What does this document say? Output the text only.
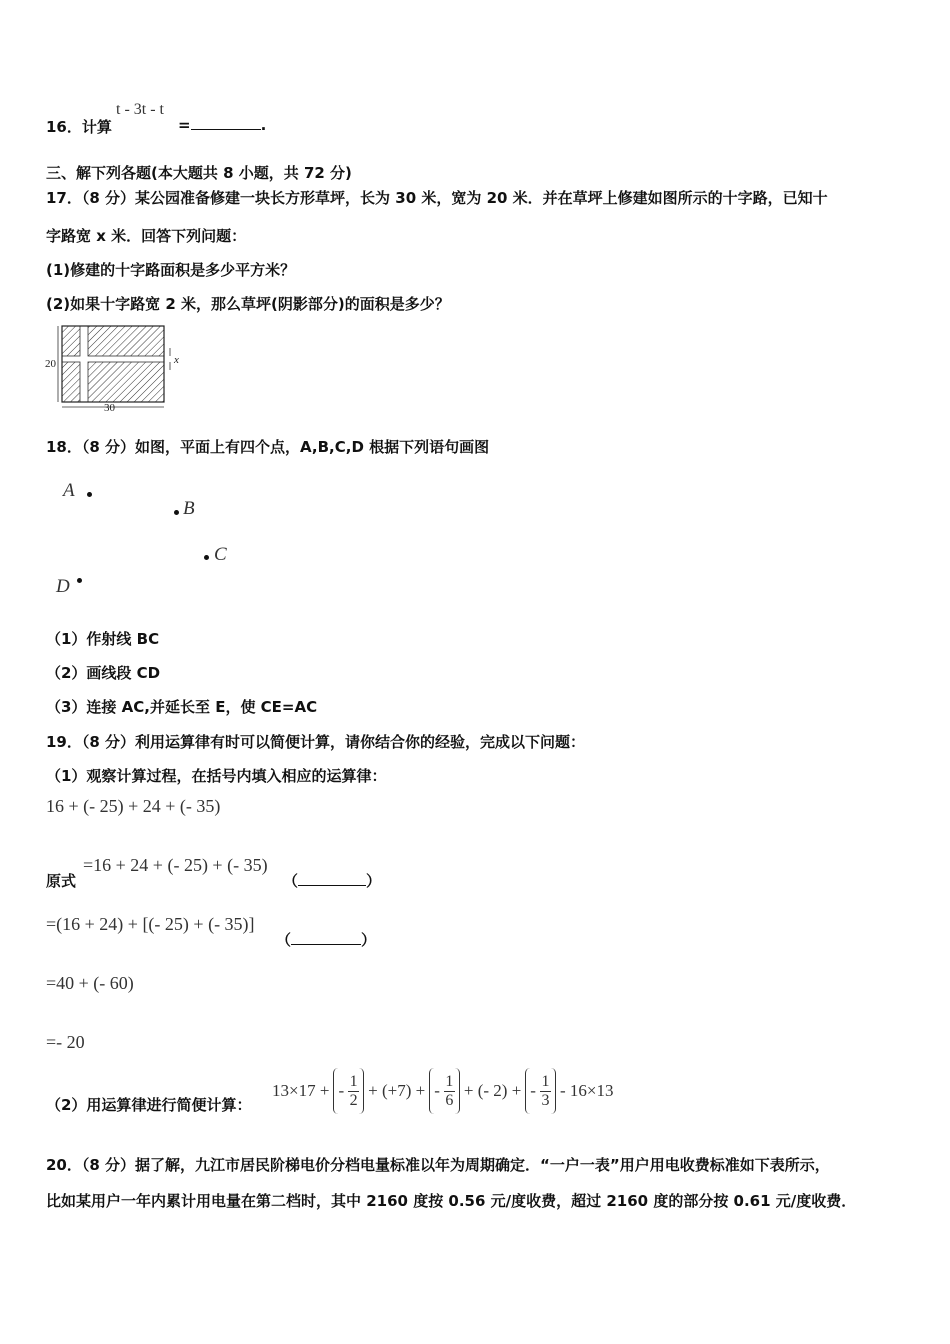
16．计算
t - 3t - t
=	.
三、解下列各题(本大题共 8 小题，共 72 分)
17．（8 分）某公园准备修建一块长方形草坪，长为 30 米，宽为 20 米．并在草坪上修建如图所示的十字路，已知十
字路宽 x 米．回答下列问题：
(1)修建的十字路面积是多少平方米？
(2)如果十字路宽 2 米，那么草坪(阴影部分)的面积是多少？
20
30
x
18．（8 分）如图，平面上有四个点，A,B,C,D 根据下列语句画图
A
B
C
D
（1）作射线 BC
（2）画线段 CD
（3）连接 AC,并延长至 E，使 CE=AC
19．（8 分）利用运算律有时可以简便计算，请你结合你的经验，完成以下问题：
（1）观察计算过程，在括号内填入相应的运算律：
16 + (- 25) + 24 + (- 35)
原式
=16 + 24 + (- 25) + (- 35)
（	）
=(16 + 24) + [(- 25) + (- 35)]
（	）
=40 + (- 60)
=- 20
（2）用运算律进行简便计算：
13×17 + - $\frac{1}{2} + (+7)$ + - $\frac{1}{6}$ + (- 2) + - $\frac{1}{3} - 16\times 13$
20．（8 分）据了解，九江市居民阶梯电价分档电量标准以年为周期确定．“一户一表”用户用电收费标准如下表所示，
比如某用户一年内累计用电量在第二档时，其中 2160 度按 0.56 元/度收费，超过 2160 度的部分按 0.61 元/度收费．
